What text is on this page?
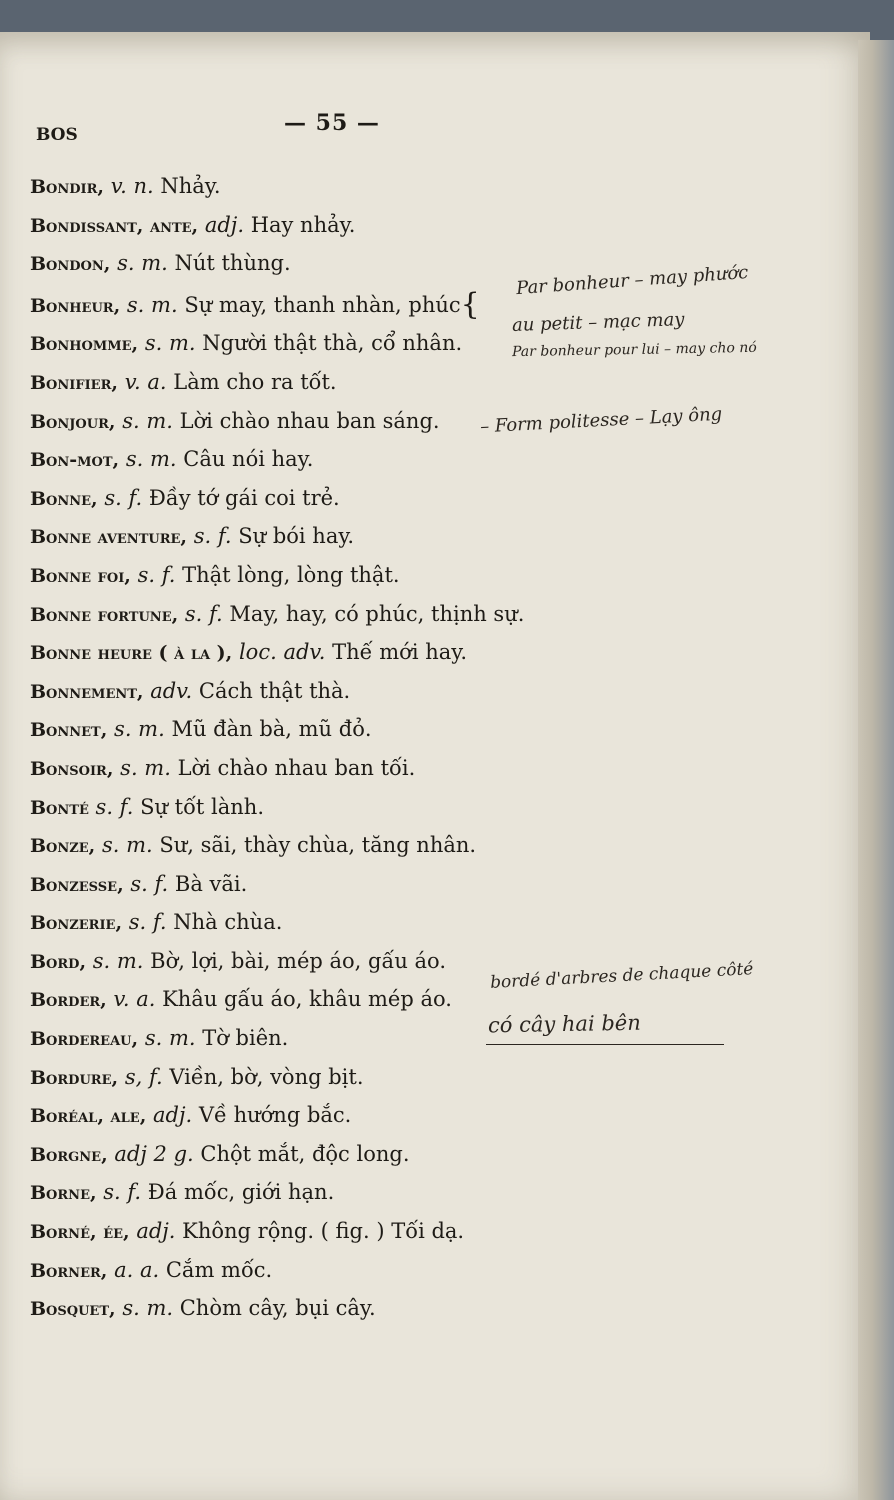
BOS	— 55 —
Bondir, v. n. Nhảy.
Bondissant, ante, adj. Hay nhảy.
Bondon, s. m. Nút thùng.
Bonheur, s. m. Sự may, thanh nhàn, phúc{
Bonhomme, s. m. Người thật thà, cổ nhân.
Bonifier, v. a. Làm cho ra tốt.
Bonjour, s. m. Lời chào nhau ban sáng.
Bon-mot, s. m. Câu nói hay.
Bonne, s. f. Đầy tớ gái coi trẻ.
Bonne aventure, s. f. Sự bói hay.
Bonne foi, s. f. Thật lòng, lòng thật.
Bonne fortune, s. f. May, hay, có phúc, thịnh sự.
Bonne heure ( à la ), loc. adv. Thế mới hay.
Bonnement, adv. Cách thật thà.
Bonnet, s. m. Mũ đàn bà, mũ đỏ.
Bonsoir, s. m. Lời chào nhau ban tối.
Bonté s. f. Sự tốt lành.
Bonze, s. m. Sư, sãi, thày chùa, tăng nhân.
Bonzesse, s. f. Bà vãi.
Bonzerie, s. f. Nhà chùa.
Bord, s. m. Bờ, lợi, bài, mép áo, gấu áo.
Border, v. a. Khâu gấu áo, khâu mép áo.
Bordereau, s. m. Tờ biên.
Bordure, s, f. Viền, bờ, vòng bịt.
Boréal, ale, adj. Về hướng bắc.
Borgne, adj 2 g. Chột mắt, độc long.
Borne, s. f. Đá mốc, giới hạn.
Borné, ée, adj. Không rộng. ( fig. ) Tối dạ.
Borner, a. a. Cắm mốc.
Bosquet, s. m. Chòm cây, bụi cây.
Par bonheur – may phước
au petit – mạc may
Par bonheur pour lui – may cho nó
– Form politesse – Lạy ông
bordé d'arbres de chaque côté
có cây hai bên
